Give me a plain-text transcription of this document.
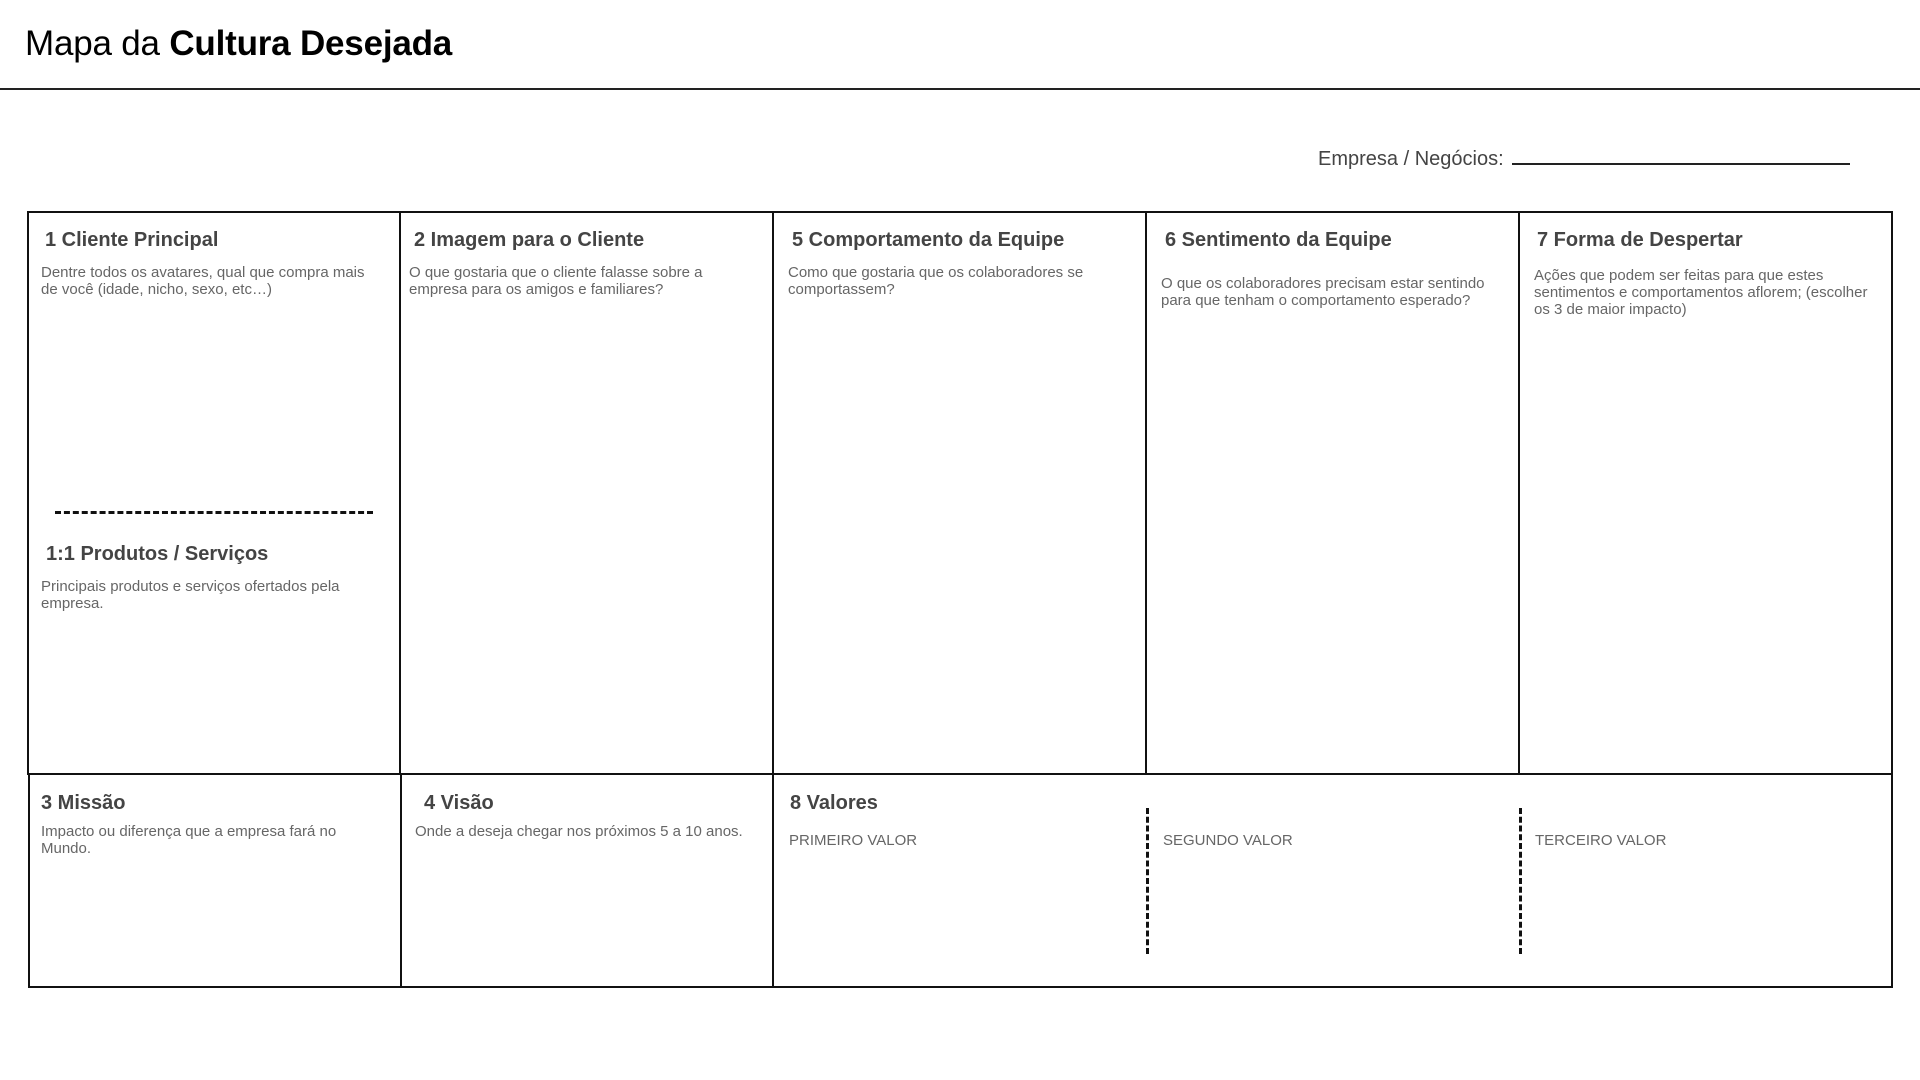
Mapa da Cultura Desejada
Empresa / Negócios:
1 Cliente Principal
Dentre todos os avatares, qual que compra mais de você (idade, nicho, sexo, etc…)
1:1 Produtos / Serviços
Principais produtos e serviços ofertados pela empresa.
2 Imagem para o Cliente
O que gostaria que o cliente falasse sobre a empresa para os amigos e familiares?
5 Comportamento da Equipe
Como que gostaria que os colaboradores se comportassem?
6 Sentimento da Equipe
O que os colaboradores precisam estar sentindo para que tenham o comportamento esperado?
7 Forma de Despertar
Ações que podem ser feitas para que estes sentimentos e comportamentos aflorem; (escolher os 3 de maior impacto)
3 Missão
Impacto ou diferença que a empresa fará no Mundo.
4 Visão
Onde a deseja chegar nos próximos 5 a 10 anos.
8 Valores
PRIMEIRO VALOR	SEGUNDO VALOR	TERCEIRO VALOR
